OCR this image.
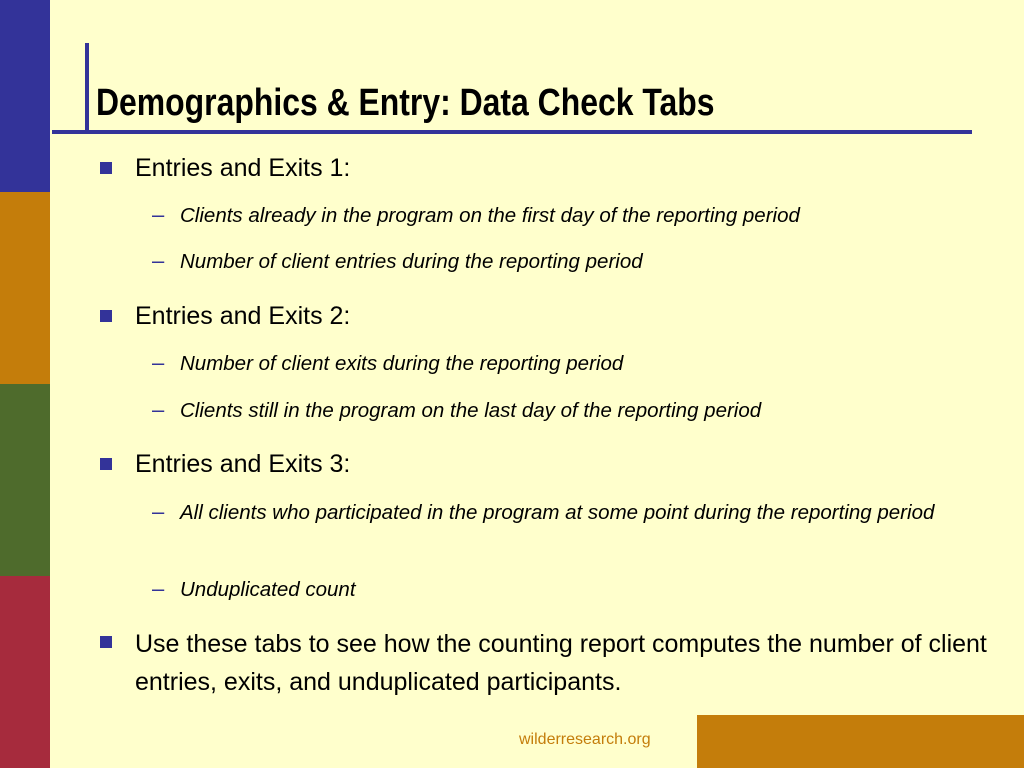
Demographics & Entry: Data Check Tabs
Entries and Exits 1:
– Clients already in the program on the first day of the reporting period
– Number of client entries during the reporting period
Entries and Exits 2:
– Number of client exits during the reporting period
– Clients still in the program on the last day of the reporting period
Entries and Exits 3:
– All clients who participated in the program at some point during the reporting period
– Unduplicated count
Use these tabs to see how the counting report computes the number of client entries, exits, and unduplicated participants.
wilderresearch.org
